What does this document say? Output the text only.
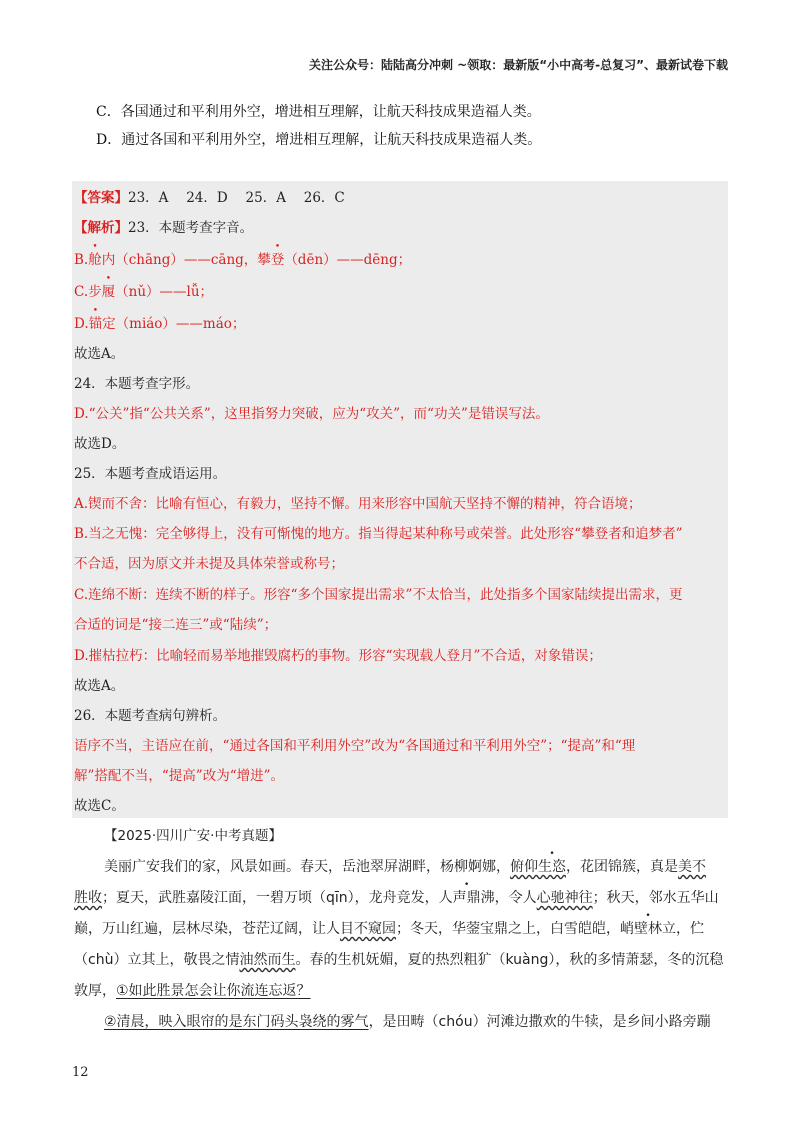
关注公众号：陆陆高分冲刺 ~领取：最新版“小中高考-总复习”、最新试卷下载
C．各国通过和平利用外空，增进相互理解，让航天科技成果造福人类。
D．通过各国和平利用外空，增进相互理解，让航天科技成果造福人类。
【答案】23．A　 24．D　 25．A　 26．C
【解析】23．本题考查字音。
B.舱内（chāng）——cāng，攀登（dēn）——dēng；
C.步履（nǔ）——lǚ；
D.锚定（miáo）——máo；
故选A。
24．本题考查字形。
D.“公关”指“公共关系”，这里指努力突破，应为“攻关”，而“功关”是错误写法。
故选D。
25．本题考查成语运用。
A.锲而不舍：比喻有恒心，有毅力，坚持不懈。用来形容中国航天坚持不懈的精神，符合语境；
B.当之无愧：完全够得上，没有可惭愧的地方。指当得起某种称号或荣誉。此处形容“攀登者和追梦者”
不合适，因为原文并未提及具体荣誉或称号；
C.连绵不断：连续不断的样子。形容“多个国家提出需求”不太恰当，此处指多个国家陆续提出需求，更
合适的词是“接二连三”或“陆续”；
D.摧枯拉朽：比喻轻而易举地摧毁腐朽的事物。形容“实现载人登月”不合适，对象错误；
故选A。
26．本题考查病句辨析。
语序不当，主语应在前，“通过各国和平利用外空”改为“各国通过和平利用外空”；“提高”和“理
解”搭配不当，“提高”改为“增进”。
故选C。
【2025·四川广安·中考真题】
美丽广安我们的家，风景如画。春天，岳池翠屏湖畔，杨柳婀娜，俯仰生恣，花团锦簇，真是美不
胜收；夏天，武胜嘉陵江面，一碧万顷（qīn），龙舟竞发，人声鼎沸，令人心驰神往；秋天，邻水五华山
巅，万山红遍，层林尽染，苍茫辽阔，让人目不窥园；冬天，华蓥宝鼎之上，白雪皑皑，峭壁林立，伫
（chù）立其上，敬畏之情油然而生。春的生机妩媚，夏的热烈粗犷（kuàng），秋的多情萧瑟，冬的沉稳
敦厚，①如此胜景怎会让你流连忘返？
②清晨，映入眼帘的是东门码头袅绕的雾气，是田畴（chóu）河滩边撒欢的牛犊，是乡间小路旁蹦
12
